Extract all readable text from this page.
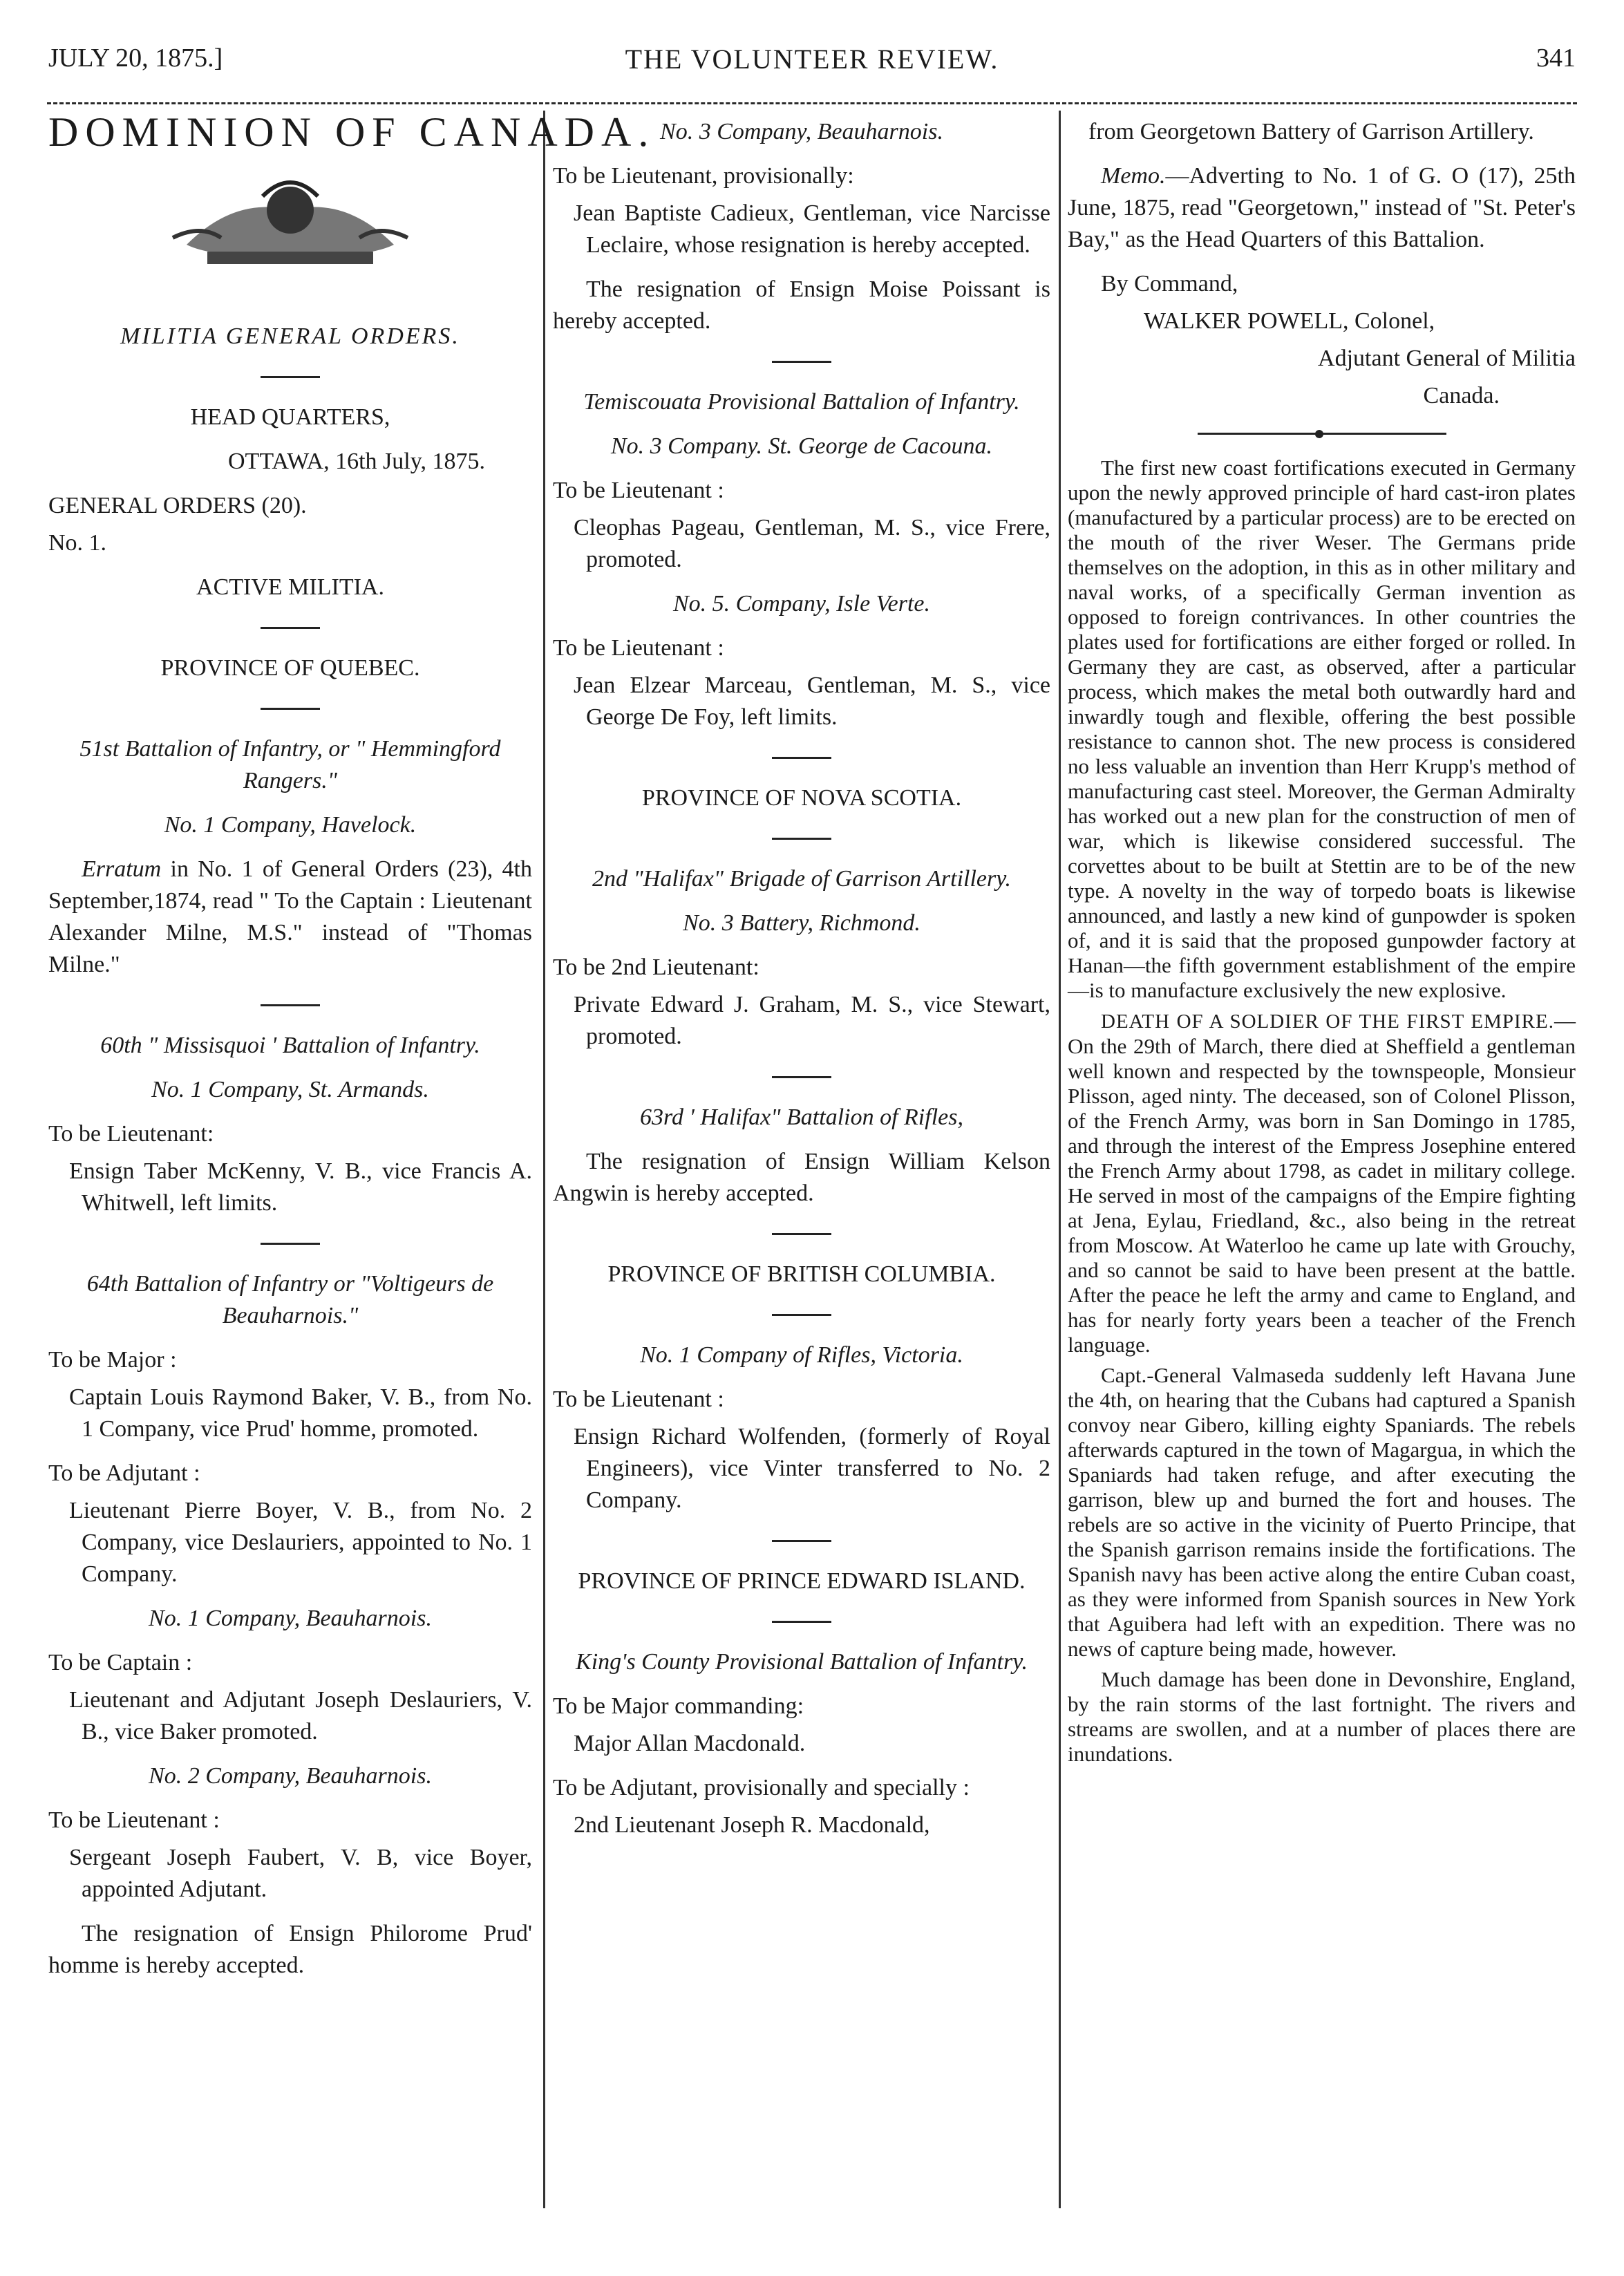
JULY 20, 1875.]	THE VOLUNTEER REVIEW.	341
DOMINION OF CANADA.
MILITIA GENERAL ORDERS.
HEAD QUARTERS,
OTTAWA, 16th July, 1875.
GENERAL ORDERS (20).
No. 1.
ACTIVE MILITIA.
PROVINCE OF QUEBEC.
51st Battalion of Infantry, or " Hemmingford Rangers."
No. 1 Company, Havelock.
Erratum in No. 1 of General Orders (23), 4th September,1874, read " To the Captain : Lieutenant Alexander Milne, M.S." instead of "Thomas Milne."
60th " Missisquoi ' Battalion of Infantry.
No. 1 Company, St. Armands.
To be Lieutenant:
Ensign Taber McKenny, V. B., vice Francis A. Whitwell, left limits.
64th Battalion of Infantry or "Voltigeurs de Beauharnois."
To be Major :
Captain Louis Raymond Baker, V. B., from No. 1 Company, vice Prud' homme, promoted.
To be Adjutant :
Lieutenant Pierre Boyer, V. B., from No. 2 Company, vice Deslauriers, appointed to No. 1 Company.
No. 1 Company, Beauharnois.
To be Captain :
Lieutenant and Adjutant Joseph Deslauriers, V. B., vice Baker promoted.
No. 2 Company, Beauharnois.
To be Lieutenant :
Sergeant Joseph Faubert, V. B, vice Boyer, appointed Adjutant.
The resignation of Ensign Philorome Prud' homme is hereby accepted.
No. 3 Company, Beauharnois.
To be Lieutenant, provisionally:
Jean Baptiste Cadieux, Gentleman, vice Narcisse Leclaire, whose resignation is hereby accepted.
The resignation of Ensign Moise Poissant is hereby accepted.
Temiscouata Provisional Battalion of Infantry.
No. 3 Company. St. George de Cacouna.
To be Lieutenant :
Cleophas Pageau, Gentleman, M. S., vice Frere, promoted.
No. 5. Company, Isle Verte.
To be Lieutenant :
Jean Elzear Marceau, Gentleman, M. S., vice George De Foy, left limits.
PROVINCE OF NOVA SCOTIA.
2nd "Halifax" Brigade of Garrison Artillery.
No. 3 Battery, Richmond.
To be 2nd Lieutenant:
Private Edward J. Graham, M. S., vice Stewart, promoted.
63rd ' Halifax" Battalion of Rifles,
The resignation of Ensign William Kelson Angwin is hereby accepted.
PROVINCE OF BRITISH COLUMBIA.
No. 1 Company of Rifles, Victoria.
To be Lieutenant :
Ensign Richard Wolfenden, (formerly of Royal Engineers), vice Vinter transferred to No. 2 Company.
PROVINCE OF PRINCE EDWARD ISLAND.
King's County Provisional Battalion of Infantry.
To be Major commanding:
Major Allan Macdonald.
To be Adjutant, provisionally and specially :
2nd Lieutenant Joseph R. Macdonald,
from Georgetown Battery of Garrison Artillery.
Memo.—Adverting to No. 1 of G. O (17), 25th June, 1875, read "Georgetown," instead of "St. Peter's Bay," as the Head Quarters of this Battalion.
By Command,
WALKER POWELL, Colonel,
Adjutant General of Militia
Canada.
The first new coast fortifications executed in Germany upon the newly approved principle of hard cast-iron plates (manufactured by a particular process) are to be erected on the mouth of the river Weser. The Germans pride themselves on the adoption, in this as in other military and naval works, of a specifically German invention as opposed to foreign contrivances. In other countries the plates used for fortifications are either forged or rolled. In Germany they are cast, as observed, after a particular process, which makes the metal both outwardly hard and inwardly tough and flexible, offering the best possible resistance to cannon shot. The new process is considered no less valuable an invention than Herr Krupp's method of manufacturing cast steel. Moreover, the German Admiralty has worked out a new plan for the construction of men of war, which is likewise considered successful. The corvettes about to be built at Stettin are to be of the new type. A novelty in the way of torpedo boats is likewise announced, and lastly a new kind of gunpowder is spoken of, and it is said that the proposed gunpowder factory at Hanan—the fifth government establishment of the empire—is to manufacture exclusively the new explosive.
DEATH OF A SOLDIER OF THE FIRST EMPIRE.—On the 29th of March, there died at Sheffield a gentleman well known and respected by the townspeople, Monsieur Plisson, aged ninty. The deceased, son of Colonel Plisson, of the French Army, was born in San Domingo in 1785, and through the interest of the Empress Josephine entered the French Army about 1798, as cadet in military college. He served in most of the campaigns of the Empire fighting at Jena, Eylau, Friedland, &c., also being in the retreat from Moscow. At Waterloo he came up late with Grouchy, and so cannot be said to have been present at the battle. After the peace he left the army and came to England, and has for nearly forty years been a teacher of the French language.
Capt.-General Valmaseda suddenly left Havana June the 4th, on hearing that the Cubans had captured a Spanish convoy near Gibero, killing eighty Spaniards. The rebels afterwards captured in the town of Magargua, in which the Spaniards had taken refuge, and after executing the garrison, blew up and burned the fort and houses. The rebels are so active in the vicinity of Puerto Principe, that the Spanish garrison remains inside the fortifications. The Spanish navy has been active along the entire Cuban coast, as they were informed from Spanish sources in New York that Aguibera had left with an expedition. There was no news of capture being made, however.
Much damage has been done in Devonshire, England, by the rain storms of the last fortnight. The rivers and streams are swollen, and at a number of places there are inundations.
